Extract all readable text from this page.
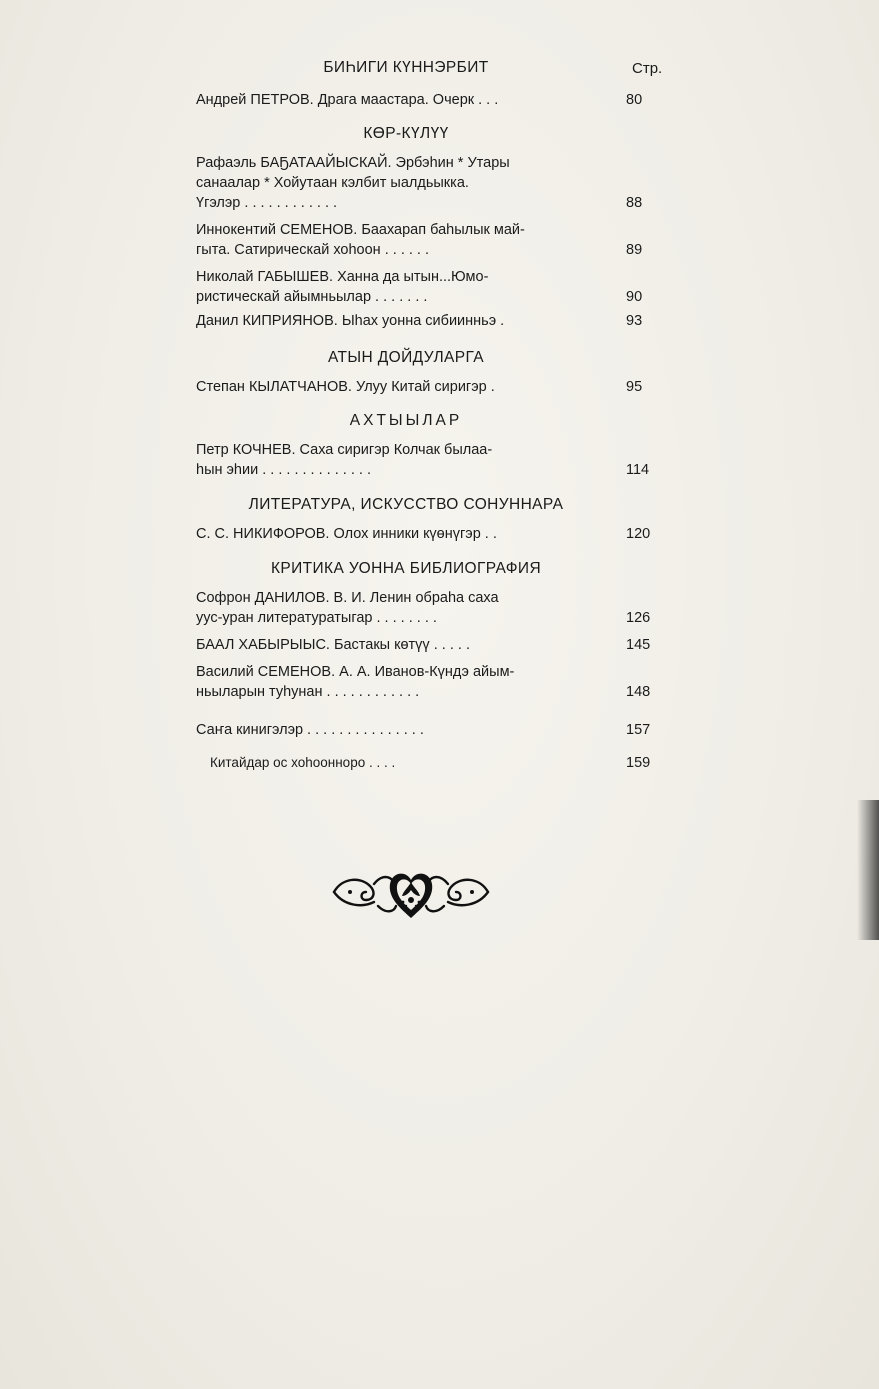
Стр.
БИҺИГИ КҮННЭРБИТ
Андрей ПЕТРОВ. Драга маастара. Очерк . . .	80
КӨР-КҮЛҮҮ
Рафаэль БАҔАТААЙЫСКАЙ. Эрбэһин * Утары
санаалар * Хойутаан кэлбит ыалдьыкка.
Үгэлэр . . . . . . . . . . . .	88
Иннокентий СЕМЕНОВ. Баахарап баһылык май-
гыта. Сатирическай хоһоон . . . . . .	89
Николай ГАБЫШЕВ. Ханна да ытын...Юмо-
ристическай айымньылар . . . . . . .	90
Данил КИПРИЯНОВ. Ыһах уонна сибиинньэ .	93
АТЫН ДОЙДУЛАРГА
Степан КЫЛАТЧАНОВ. Улуу Китай сиригэр .	95
АХТЫЫЛАР
Петр КОЧНЕВ. Саха сиригэр Колчак былаа-
һын эһии . . . . . . . . . . . . . .	114
ЛИТЕРАТУРА, ИСКУССТВО СОНУННАРА
С. С. НИКИФОРОВ. Олох инники күөнүгэр . .	120
КРИТИКА УОННА БИБЛИОГРАФИЯ
Софрон ДАНИЛОВ. В. И. Ленин обраһа саха
уус-уран литературатыгар . . . . . . . .	126
БААЛ ХАБЫРЫЫС. Бастакы көтүү . . . . .	145
Василий СЕМЕНОВ. А. А. Иванов-Күндэ айым-
ньыларын туһунан . . . . . . . . . . . .	148
Саҥа кинигэлэр . . . . . . . . . . . . . . .	157
Китайдар ос хоһооннорo . . . .	159
